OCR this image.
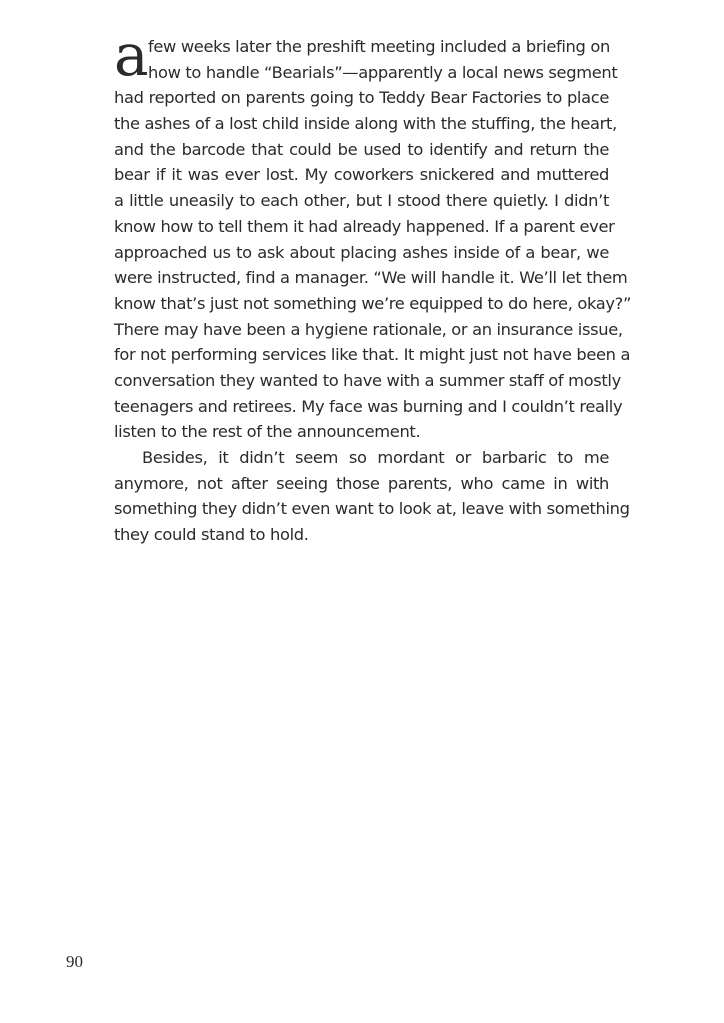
a few weeks later the preshift meeting included a briefing on
how to handle “Bearials”—apparently a local news segment
had reported on parents going to Teddy Bear Factories to place
the ashes of a lost child inside along with the stuffing, the heart,
and the barcode that could be used to identify and return the
bear if it was ever lost. My coworkers snickered and muttered
a little uneasily to each other, but I stood there quietly. I didn’t
know how to tell them it had already happened. If a parent ever
approached us to ask about placing ashes inside of a bear, we
were instructed, find a manager. “We will handle it. We’ll let them
know that’s just not something we’re equipped to do here, okay?”
There may have been a hygiene rationale, or an insurance issue,
for not performing services like that. It might just not have been a
conversation they wanted to have with a summer staff of mostly
teenagers and retirees. My face was burning and I couldn’t really
listen to the rest of the announcement.
Besides, it didn’t seem so mordant or barbaric to me
anymore, not after seeing those parents, who came in with
something they didn’t even want to look at, leave with something
they could stand to hold.
90
